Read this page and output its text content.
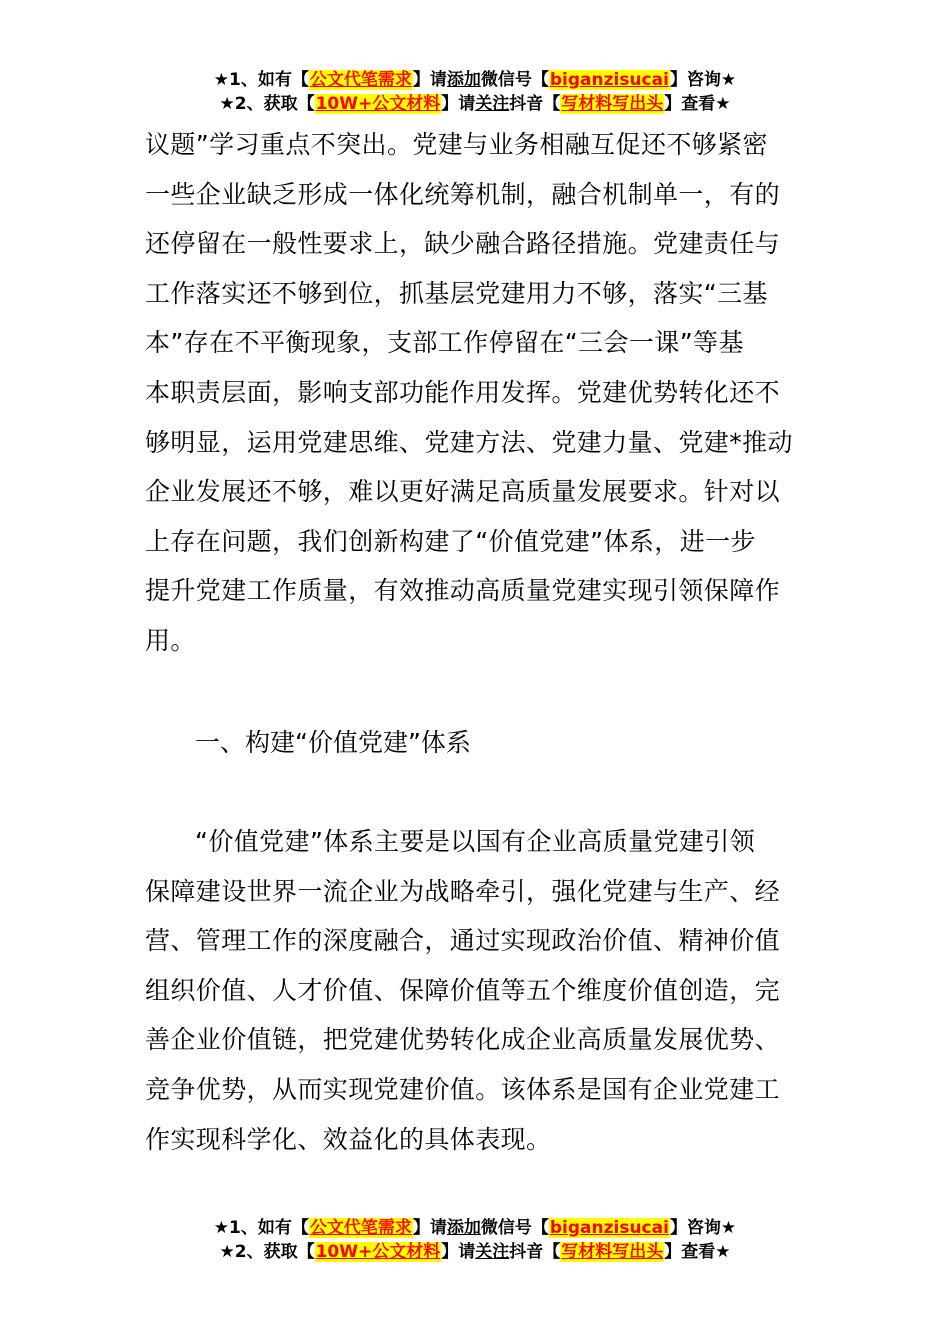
★1、如有【公文代笔需求】请添加微信号【biganzisucai】咨询★
★2、获取【10W+公文材料】请关注抖音【写材料写出头】查看★
议题”学习重点不突出。党建与业务相融互促还不够紧密
一些企业缺乏形成一体化统筹机制，融合机制单一，有的
还停留在一般性要求上，缺少融合路径措施。党建责任与
工作落实还不够到位，抓基层党建用力不够，落实“三基
本”存在不平衡现象，支部工作停留在“三会一课”等基
本职责层面，影响支部功能作用发挥。党建优势转化还不
够明显，运用党建思维、党建方法、党建力量、党建*推动
企业发展还不够，难以更好满足高质量发展要求。针对以
上存在问题，我们创新构建了“价值党建”体系，进一步
提升党建工作质量，有效推动高质量党建实现引领保障作
用。
一、构建“价值党建”体系
“价值党建”体系主要是以国有企业高质量党建引领
保障建设世界一流企业为战略牵引，强化党建与生产、经
营、管理工作的深度融合，通过实现政治价值、精神价值
组织价值、人才价值、保障价值等五个维度价值创造，完
善企业价值链，把党建优势转化成企业高质量发展优势、
竞争优势，从而实现党建价值。该体系是国有企业党建工
作实现科学化、效益化的具体表现。
★1、如有【公文代笔需求】请添加微信号【biganzisucai】咨询★
★2、获取【10W+公文材料】请关注抖音【写材料写出头】查看★
